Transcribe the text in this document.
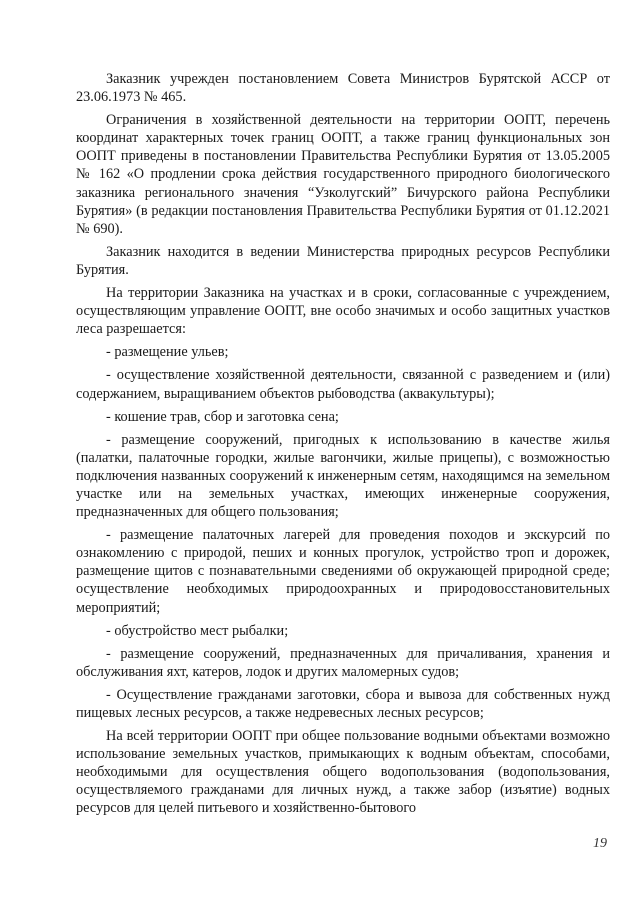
Заказник учрежден постановлением Совета Министров Бурятской АССР от 23.06.1973 № 465.

Ограничения в хозяйственной деятельности на территории ООПТ, перечень координат характерных точек границ ООПТ, а также границ функциональных зон ООПТ приведены в постановлении Правительства Республики Бурятия от 13.05.2005 № 162 «О продлении срока действия государственного природного биологического заказника регионального значения “Узколугский” Бичурского района Республики Бурятия» (в редакции постановления Правительства Республики Бурятия от 01.12.2021 № 690).

Заказник находится в ведении Министерства природных ресурсов Республики Бурятия.

На территории Заказника на участках и в сроки, согласованные с учреждением, осуществляющим управление ООПТ, вне особо значимых и особо защитных участков леса разрешается:

- размещение ульев;

- осуществление хозяйственной деятельности, связанной с разведением и (или) содержанием, выращиванием объектов рыбоводства (аквакультуры);

- кошение трав, сбор и заготовка сена;

- размещение сооружений, пригодных к использованию в качестве жилья (палатки, палаточные городки, жилые вагончики, жилые прицепы), с возможностью подключения названных сооружений к инженерным сетям, находящимся на земельном участке или на земельных участках, имеющих инженерные сооружения, предназначенных для общего пользования;

- размещение палаточных лагерей для проведения походов и экскурсий по ознакомлению с природой, пеших и конных прогулок, устройство троп и дорожек, размещение щитов с познавательными сведениями об окружающей природной среде; осуществление необходимых природоохранных и природовосстановительных мероприятий;

- обустройство мест рыбалки;

- размещение сооружений, предназначенных для причаливания, хранения и обслуживания яхт, катеров, лодок и других маломерных судов;

- Осуществление гражданами заготовки, сбора и вывоза для собственных нужд пищевых лесных ресурсов, а также недревесных лесных ресурсов;

На всей территории ООПТ при общее пользование водными объектами возможно использование земельных участков, примыкающих к водным объектам, способами, необходимыми для осуществления общего водопользования (водопользования, осуществляемого гражданами для личных нужд, а также забор (изъятие) водных ресурсов для целей питьевого и хозяйственно-бытового

19
